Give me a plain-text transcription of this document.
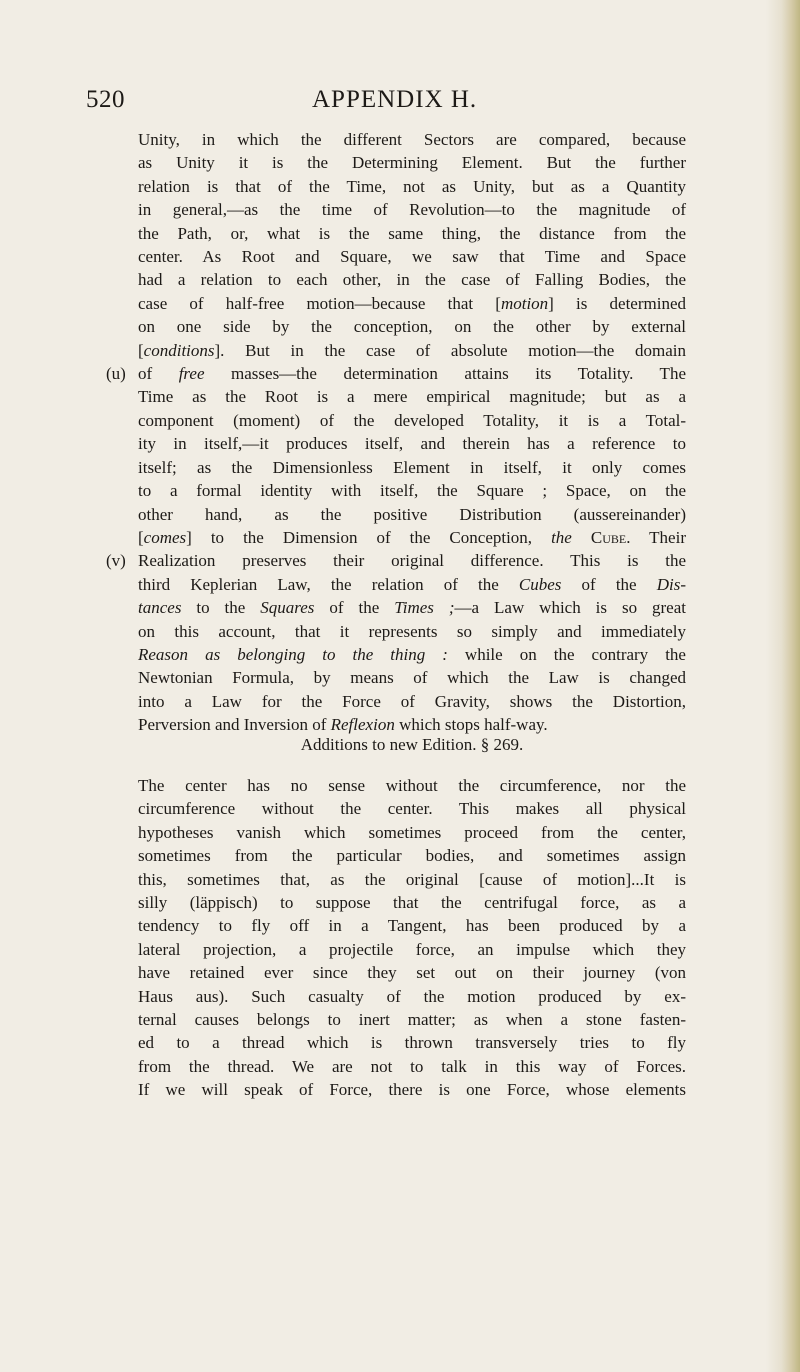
520	APPENDIX H.
Unity, in which the different Sectors are compared, because
as Unity it is the Determining Element. But the further
relation is that of the Time, not as Unity, but as a Quantity
in general,—as the time of Revolution—to the magnitude of
the Path, or, what is the same thing, the distance from the
center. As Root and Square, we saw that Time and Space
had a relation to each other, in the case of Falling Bodies, the
case of half-free motion—because that [motion] is determined
on one side by the conception, on the other by external
[conditions]. But in the case of absolute motion—the domain
(u) of free masses—the determination attains its Totality. The
Time as the Root is a mere empirical magnitude; but as a
component (moment) of the developed Totality, it is a Total-
ity in itself,—it produces itself, and therein has a reference to
itself; as the Dimensionless Element in itself, it only comes
to a formal identity with itself, the Square ; Space, on the
other hand, as the positive Distribution (aussereinander)
[comes] to the Dimension of the Conception, the Cube. Their
(v) Realization preserves their original difference. This is the
third Keplerian Law, the relation of the Cubes of the Dis-
tances to the Squares of the Times ;—a Law which is so great
on this account, that it represents so simply and immediately
Reason as belonging to the thing : while on the contrary the
Newtonian Formula, by means of which the Law is changed
into a Law for the Force of Gravity, shows the Distortion,
Perversion and Inversion of Reflexion which stops half-way.
Additions to new Edition. § 269.
The center has no sense without the circumference, nor the
circumference without the center. This makes all physical
hypotheses vanish which sometimes proceed from the center,
sometimes from the particular bodies, and sometimes assign
this, sometimes that, as the original [cause of motion]...It is
silly (läppisch) to suppose that the centrifugal force, as a
tendency to fly off in a Tangent, has been produced by a
lateral projection, a projectile force, an impulse which they
have retained ever since they set out on their journey (von
Haus aus). Such casualty of the motion produced by ex-
ternal causes belongs to inert matter; as when a stone fasten-
ed to a thread which is thrown transversely tries to fly
from the thread. We are not to talk in this way of Forces.
If we will speak of Force, there is one Force, whose elements
